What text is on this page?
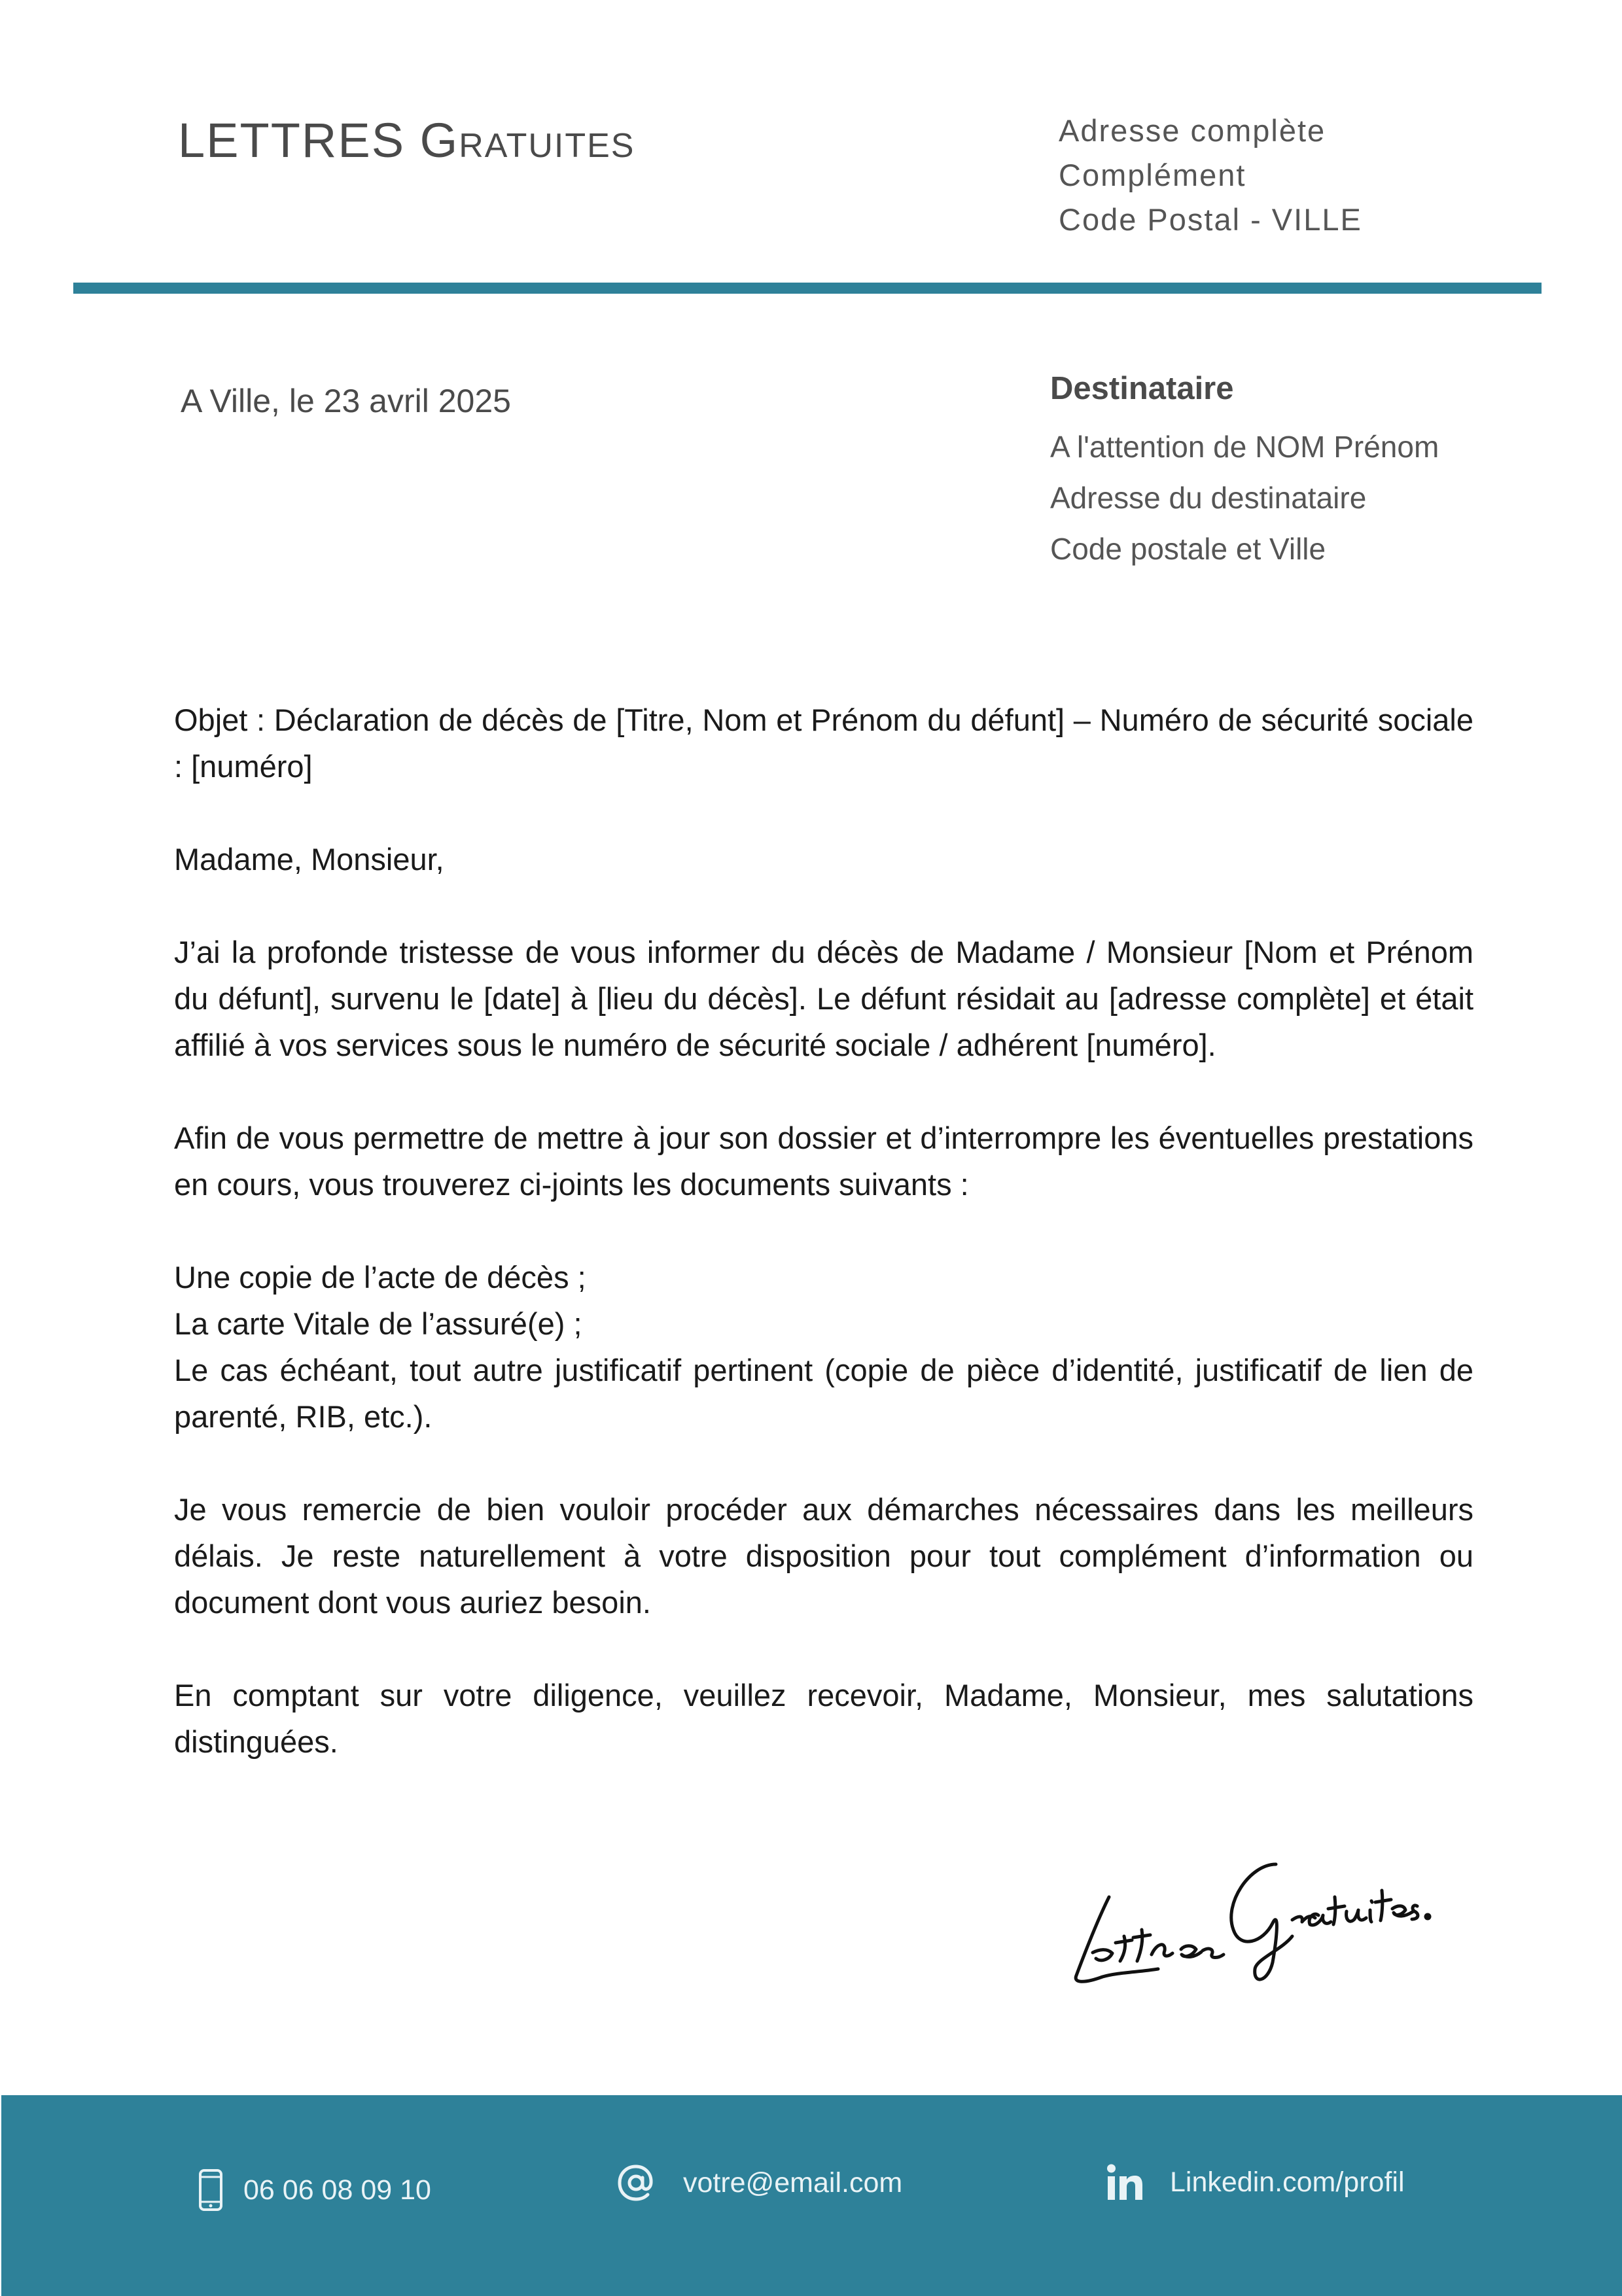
LETTRES Gratuites	Adresse complète
Complément
Code Postal - VILLE
A Ville, le 23 avril 2025	Destinataire
A l'attention de NOM Prénom
Adresse du destinataire
Code postale et Ville

Objet : Déclaration de décès de [Titre, Nom et Prénom du défunt] – Numéro de sécurité sociale : [numéro]

Madame, Monsieur,

J’ai la profonde tristesse de vous informer du décès de Madame / Monsieur [Nom et Prénom du défunt], survenu le [date] à [lieu du décès]. Le défunt résidait au [adresse complète] et était affilié à vos services sous le numéro de sécurité sociale / adhérent [numéro].

Afin de vous permettre de mettre à jour son dossier et d’interrompre les éventuelles prestations en cours, vous trouverez ci-joints les documents suivants :

Une copie de l’acte de décès ;
La carte Vitale de l’assuré(e) ;
Le cas échéant, tout autre justificatif pertinent (copie de pièce d’identité, justificatif de lien de parenté, RIB, etc.).

Je vous remercie de bien vouloir procéder aux démarches nécessaires dans les meilleurs délais. Je reste naturellement à votre disposition pour tout complément d’information ou document dont vous auriez besoin.

En comptant sur votre diligence, veuillez recevoir, Madame, Monsieur, mes salutations distinguées.

06 06 08 09 10	votre@email.com	Linkedin.com/profil
